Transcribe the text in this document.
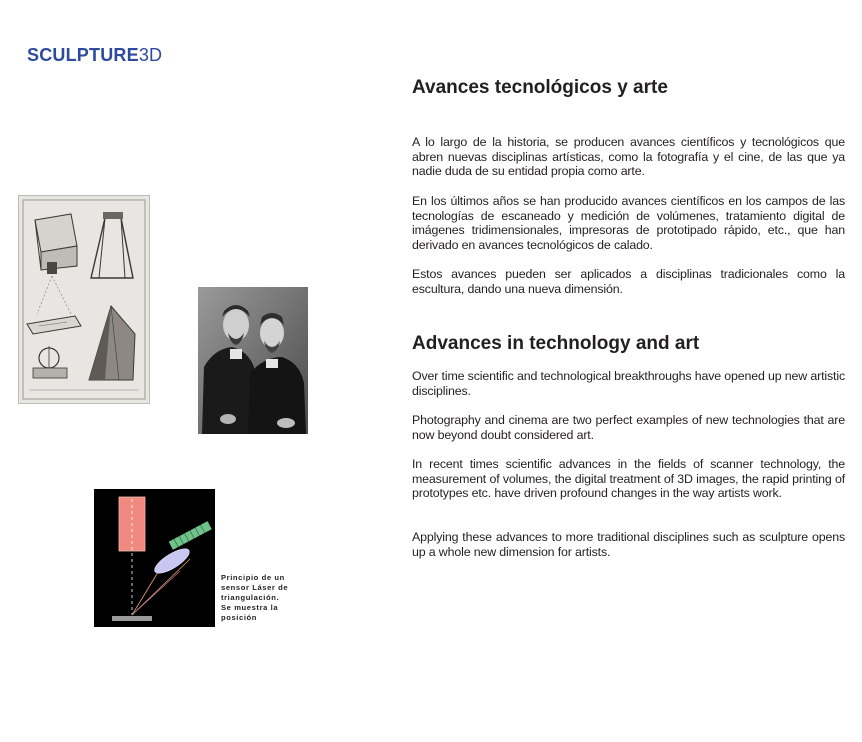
SCULPTURE3D
Avances tecnológicos y arte

A lo largo de la historia, se producen avances científicos y tecnológicos que abren nuevas disciplinas artísticas, como la fotografía y el cine, de las que ya nadie duda de su entidad propia como arte.

En los últimos años se han producido avances científicos en los campos de las tecnologías de escaneado y medición de volúmenes, tratamiento digital de imágenes tridimensionales, impresoras de prototipado rápido, etc., que han derivado en avances tecnológicos de calado.

Estos avances pueden ser aplicados a disciplinas tradicionales como la escultura, dando una nueva dimensión.

Advances in technology and art

Over time scientific and technological breakthroughs have opened up new artistic disciplines.

Photography and cinema are two perfect examples of new technologies that are now beyond doubt considered art.

In recent times scientific advances in the fields of scanner technology, the measurement of volumes, the digital treatment of 3D images, the rapid printing of prototypes etc. have driven profound changes in the way artists work.

Applying these advances to more traditional disciplines such as sculpture opens up a whole new dimension for artists.

Principio de un sensor Láser de triangulación. Se muestra la posición
